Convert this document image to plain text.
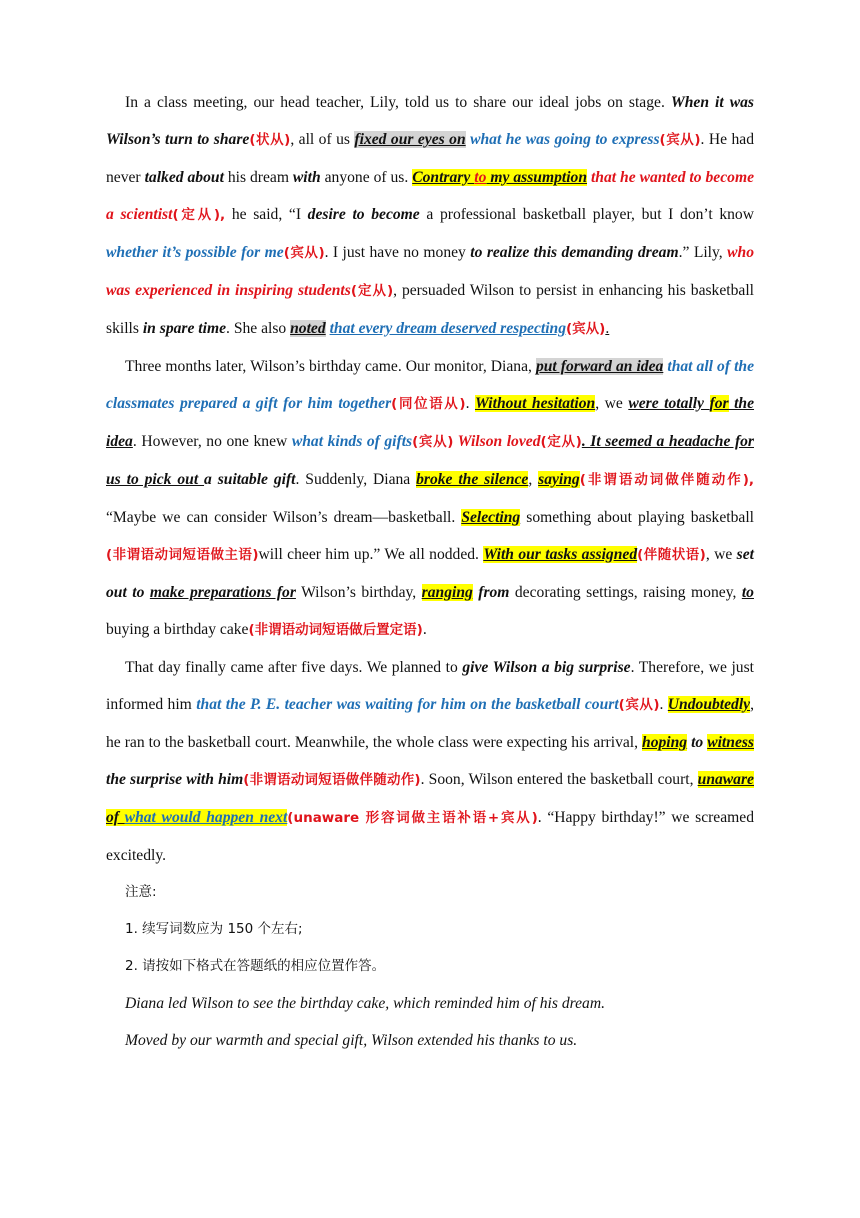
In a class meeting, our head teacher, Lily, told us to share our ideal jobs on stage. When it was Wilson’s turn to share(状从), all of us fixed our eyes on what he was going to express(宾从). He had never talked about his dream with anyone of us. Contrary to my assumption that he wanted to become a scientist(定从), he said, “I desire to become a professional basketball player, but I don’t know whether it’s possible for me(宾从). I just have no money to realize this demanding dream.” Lily, who was experienced in inspiring students(定从), persuaded Wilson to persist in enhancing his basketball skills in spare time. She also noted that every dream deserved respecting(宾从).

Three months later, Wilson’s birthday came. Our monitor, Diana, put forward an idea that all of the classmates prepared a gift for him together(同位语从). Without hesitation, we were totally for the idea. However, no one knew what kinds of gifts(宾从) Wilson loved(定从). It seemed a headache for us to pick out a suitable gift. Suddenly, Diana broke the silence, saying(非谓语动词做伴随动作), “Maybe we can consider Wilson’s dream—basketball. Selecting something about playing basketball (非谓语动词短语做主语)will cheer him up.” We all nodded. With our tasks assigned(伴随状语), we set out to make preparations for Wilson’s birthday, ranging from decorating settings, raising money, to buying a birthday cake(非谓语动词短语做后置定语).

That day finally came after five days. We planned to give Wilson a big surprise. Therefore, we just informed him that the P. E. teacher was waiting for him on the basketball court(宾从). Undoubtedly, he ran to the basketball court. Meanwhile, the whole class were expecting his arrival, hoping to witness the surprise with him(非谓语动词短语做伴随动作). Soon, Wilson entered the basketball court, unaware of what would happen next(unaware 形容词做主语补语+宾从). “Happy birthday!” we screamed excitedly.

注意:

1. 续写词数应为 150 个左右;

2. 请按如下格式在答题纸的相应位置作答。

Diana led Wilson to see the birthday cake, which reminded him of his dream.

Moved by our warmth and special gift, Wilson extended his thanks to us.
